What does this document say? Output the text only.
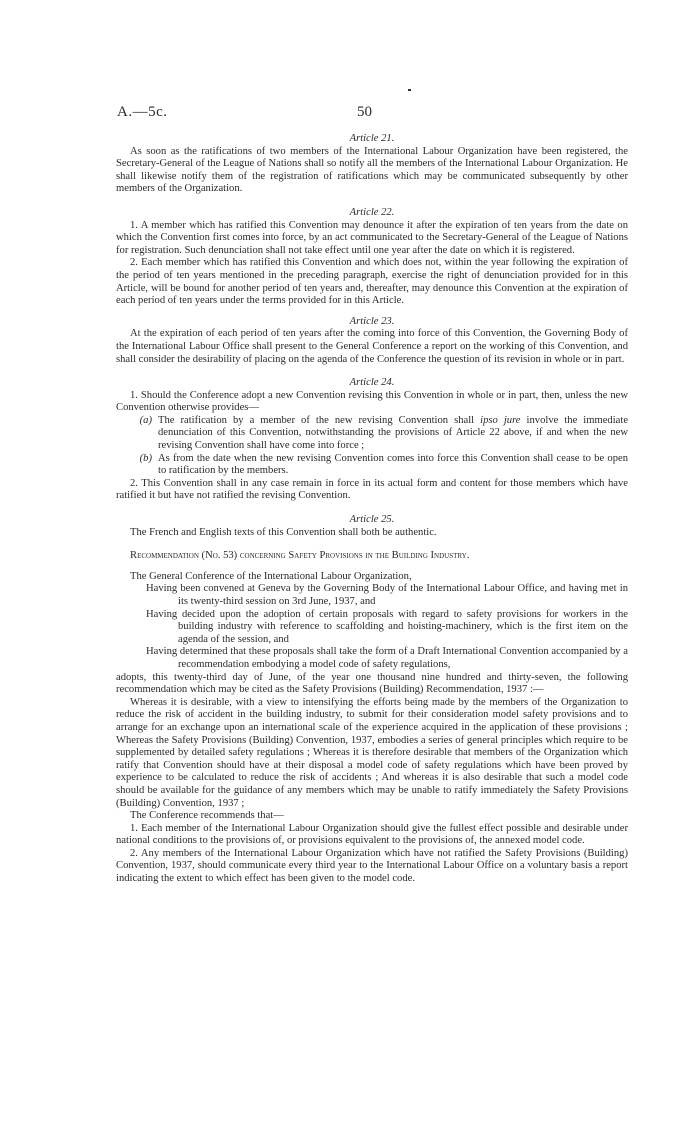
A.—5c.	50

Article 21.

As soon as the ratifications of two members of the International Labour Organization have been registered, the Secretary-General of the League of Nations shall so notify all the members of the International Labour Organization. He shall likewise notify them of the registration of ratifications which may be communicated subsequently by other members of the Organization.

Article 22.

1. A member which has ratified this Convention may denounce it after the expiration of ten years from the date on which the Convention first comes into force, by an act communicated to the Secretary-General of the League of Nations for registration. Such denunciation shall not take effect until one year after the date on which it is registered.

2. Each member which has ratified this Convention and which does not, within the year following the expiration of the period of ten years mentioned in the preceding paragraph, exercise the right of denunciation provided for in this Article, will be bound for another period of ten years and, thereafter, may denounce this Convention at the expiration of each period of ten years under the terms provided for in this Article.

Article 23.

At the expiration of each period of ten years after the coming into force of this Convention, the Governing Body of the International Labour Office shall present to the General Conference a report on the working of this Convention, and shall consider the desirability of placing on the agenda of the Conference the question of its revision in whole or in part.

Article 24.

1. Should the Conference adopt a new Convention revising this Convention in whole or in part, then, unless the new Convention otherwise provides—

(a) The ratification by a member of the new revising Convention shall ipso jure involve the immediate denunciation of this Convention, notwithstanding the provisions of Article 22 above, if and when the new revising Convention shall have come into force ;
(b) As from the date when the new revising Convention comes into force this Convention shall cease to be open to ratification by the members.

2. This Convention shall in any case remain in force in its actual form and content for those members which have ratified it but have not ratified the revising Convention.

Article 25.

The French and English texts of this Convention shall both be authentic.

Recommendation (No. 53) concerning Safety Provisions in the Building Industry.

The General Conference of the International Labour Organization,

Having been convened at Geneva by the Governing Body of the International Labour Office, and having met in its twenty-third session on 3rd June, 1937, and

Having decided upon the adoption of certain proposals with regard to safety provisions for workers in the building industry with reference to scaffolding and hoisting-machinery, which is the first item on the agenda of the session, and

Having determined that these proposals shall take the form of a Draft International Convention accompanied by a recommendation embodying a model code of safety regulations,

adopts, this twenty-third day of June, of the year one thousand nine hundred and thirty-seven, the following recommendation which may be cited as the Safety Provisions (Building) Recommendation, 1937 :—

Whereas it is desirable, with a view to intensifying the efforts being made by the members of the Organization to reduce the risk of accident in the building industry, to submit for their consideration model safety provisions and to arrange for an exchange upon an international scale of the experience acquired in the application of these provisions ; Whereas the Safety Provisions (Building) Convention, 1937, embodies a series of general principles which require to be supplemented by detailed safety regulations ; Whereas it is therefore desirable that members of the Organization which ratify that Convention should have at their disposal a model code of safety regulations which have been proved by experience to be calculated to reduce the risk of accidents ; And whereas it is also desirable that such a model code should be available for the guidance of any members which may be unable to ratify immediately the Safety Provisions (Building) Convention, 1937 ;

The Conference recommends that—

1. Each member of the International Labour Organization should give the fullest effect possible and desirable under national conditions to the provisions of, or provisions equivalent to the provisions of, the annexed model code.

2. Any members of the International Labour Organization which have not ratified the Safety Provisions (Building) Convention, 1937, should communicate every third year to the International Labour Office on a voluntary basis a report indicating the extent to which effect has been given to the model code.
